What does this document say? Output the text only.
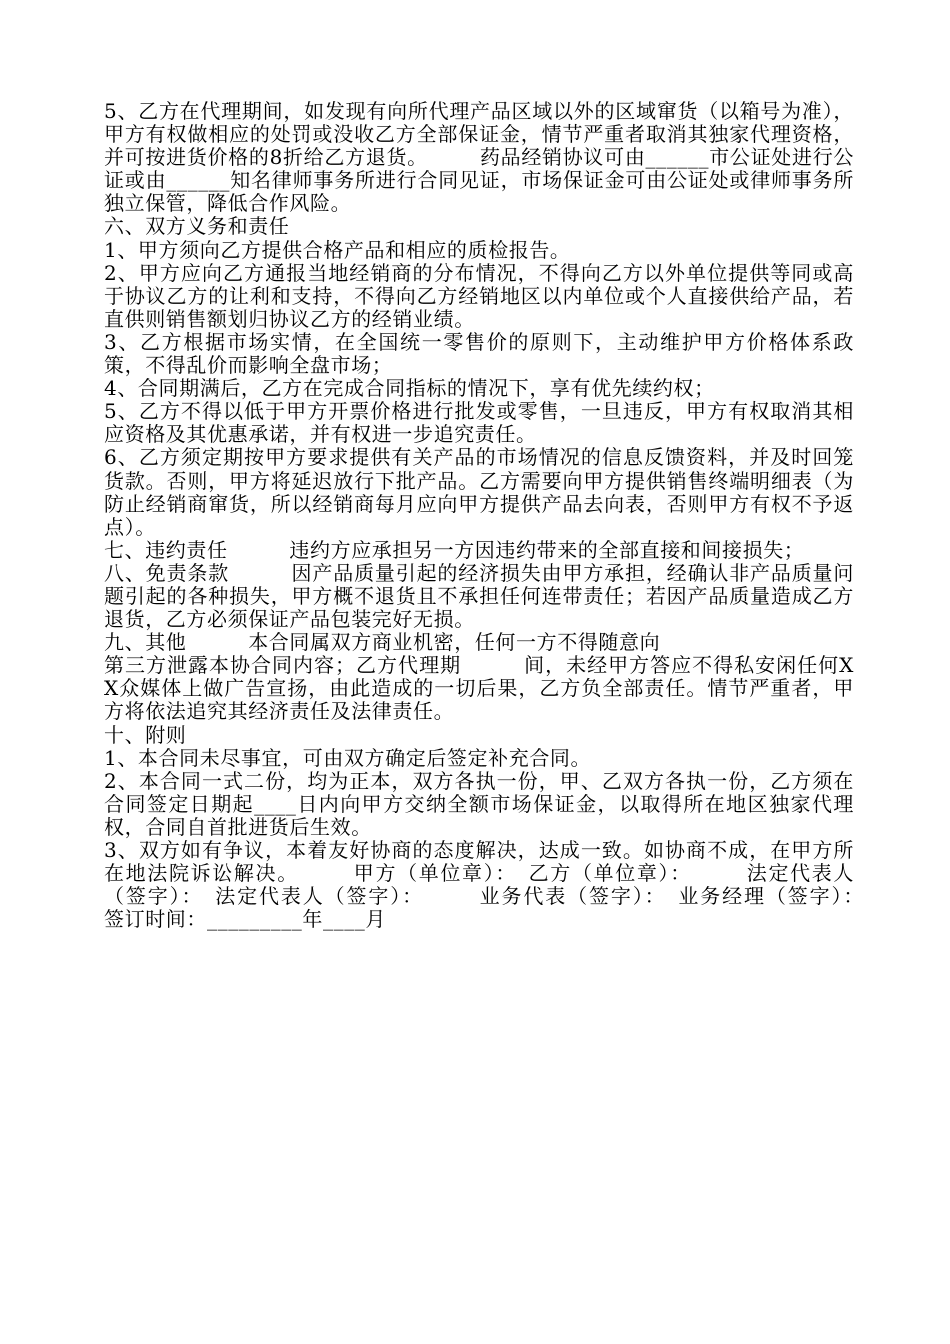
5、乙方在代理期间，如发现有向所代理产品区域以外的区域窜货（以箱号为准），甲方有权做相应的处罚或没收乙方全部保证金，情节严重者取消其独家代理资格，并可按进货价格的8折给乙方退货。　　　药品经销协议可由______市公证处进行公证或由______知名律师事务所进行合同见证，市场保证金可由公证处或律师事务所独立保管，降低合作风险。

六、双方义务和责任

1、甲方须向乙方提供合格产品和相应的质检报告。

2、甲方应向乙方通报当地经销商的分布情况，不得向乙方以外单位提供等同或高于协议乙方的让利和支持，不得向乙方经销地区以内单位或个人直接供给产品，若直供则销售额划归协议乙方的经销业绩。

3、乙方根据市场实情，在全国统一零售价的原则下，主动维护甲方价格体系政策，不得乱价而影响全盘市场；

4、合同期满后，乙方在完成合同指标的情况下，享有优先续约权；

5、乙方不得以低于甲方开票价格进行批发或零售，一旦违反，甲方有权取消其相应资格及其优惠承诺，并有权进一步追究责任。

6、乙方须定期按甲方要求提供有关产品的市场情况的信息反馈资料，并及时回笼货款。否则，甲方将延迟放行下批产品。乙方需要向甲方提供销售终端明细表（为防止经销商窜货，所以经销商每月应向甲方提供产品去向表，否则甲方有权不予返点）。

七、违约责任　　　违约方应承担另一方因违约带来的全部直接和间接损失；

八、免责条款　　　因产品质量引起的经济损失由甲方承担，经确认非产品质量问题引起的各种损失，甲方概不退货且不承担任何连带责任；若因产品质量造成乙方退货，乙方必须保证产品包装完好无损。

九、其他　　　本合同属双方商业机密，任何一方不得随意向

第三方泄露本协合同内容；乙方代理期　　　间，未经甲方答应不得私安闲任何XX众媒体上做广告宣扬，由此造成的一切后果，乙方负全部责任。情节严重者，甲方将依法追究其经济责任及法律责任。

十、附则

1、本合同未尽事宜，可由双方确定后签定补充合同。

2、本合同一式二份，均为正本，双方各执一份，甲、乙双方各执一份，乙方须在合同签定日期起____日内向甲方交纳全额市场保证金，以取得所在地区独家代理权，合同自首批进货后生效。

3、双方如有争议，本着友好协商的态度解决，达成一致。如协商不成，在甲方所在地法院诉讼解决。　　　甲方（单位章）：　乙方（单位章）：　　　法定代表人（签字）：　法定代表人（签字）：　　　业务代表（签字）：　业务经理（签字）：　　　签订时间：_________年____月
